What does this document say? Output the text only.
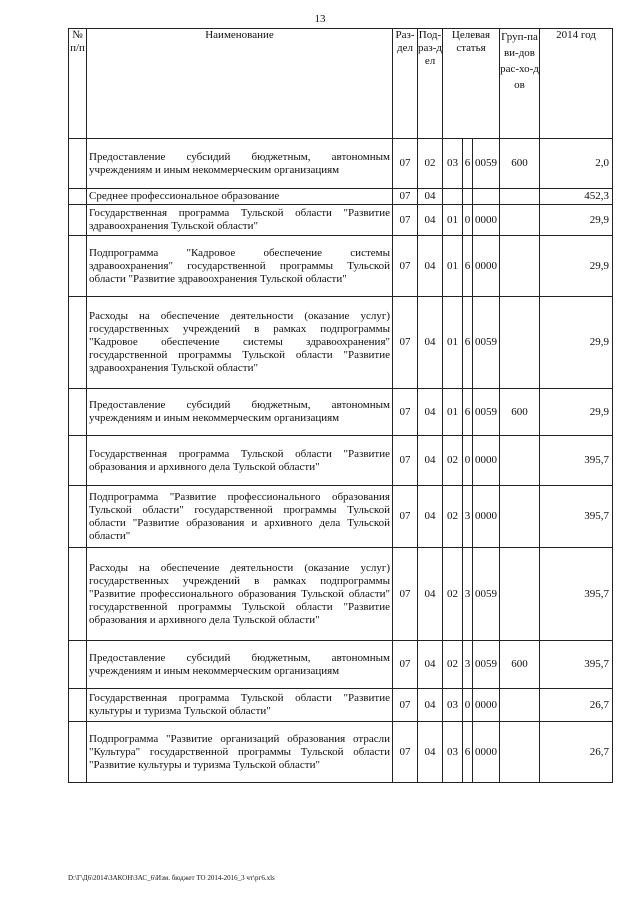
13
№ п/п	Наименование	Раз-дел	Под-раз-дел	Целевая статья			Груп-па ви-дов рас-хо-дов	2014 год
	Предоставление субсидий бюджетным, автономным учреждениям и иным некоммерческим организациям	07	02	03	6	0059	600	2,0
	Среднее профессиональное образование	07	04					452,3
	Государственная программа Тульской области "Развитие здравоохранения Тульской области"	07	04	01	0	0000		29,9
	Подпрограмма "Кадровое обеспечение системы здравоохранения" государственной программы Тульской области "Развитие здравоохранения Тульской области"	07	04	01	6	0000		29,9
	Расходы на обеспечение деятельности (оказание услуг) государственных учреждений в рамках подпрограммы "Кадровое обеспечение системы здравоохранения" государственной программы Тульской области "Развитие здравоохранения Тульской области"	07	04	01	6	0059		29,9
	Предоставление субсидий бюджетным, автономным учреждениям и иным некоммерческим организациям	07	04	01	6	0059	600	29,9
	Государственная программа Тульской области "Развитие образования и архивного дела Тульской области"	07	04	02	0	0000		395,7
	Подпрограмма "Развитие профессионального образования Тульской области" государственной программы Тульской области "Развитие образования и архивного дела Тульской области"	07	04	02	3	0000		395,7
	Расходы на обеспечение деятельности (оказание услуг) государственных учреждений в рамках подпрограммы "Развитие профессионального образования Тульской области" государственной программы Тульской области "Развитие образования и архивного дела Тульской области"	07	04	02	3	0059		395,7
	Предоставление субсидий бюджетным, автономным учреждениям и иным некоммерческим организациям	07	04	02	3	0059	600	395,7
	Государственная программа Тульской области "Развитие культуры и туризма Тульской области"	07	04	03	0	0000		26,7
	Подпрограмма "Развитие организаций образования отрасли "Культура" государственной программы Тульской области "Развитие культуры и туризма Тульской области"	07	04	03	6	0000		26,7
D:\Г\Д6\2014\ЗАКОН\ЗАС_6\Изм. бюджет ТО 2014-2016_3 чт\рг6.xls
